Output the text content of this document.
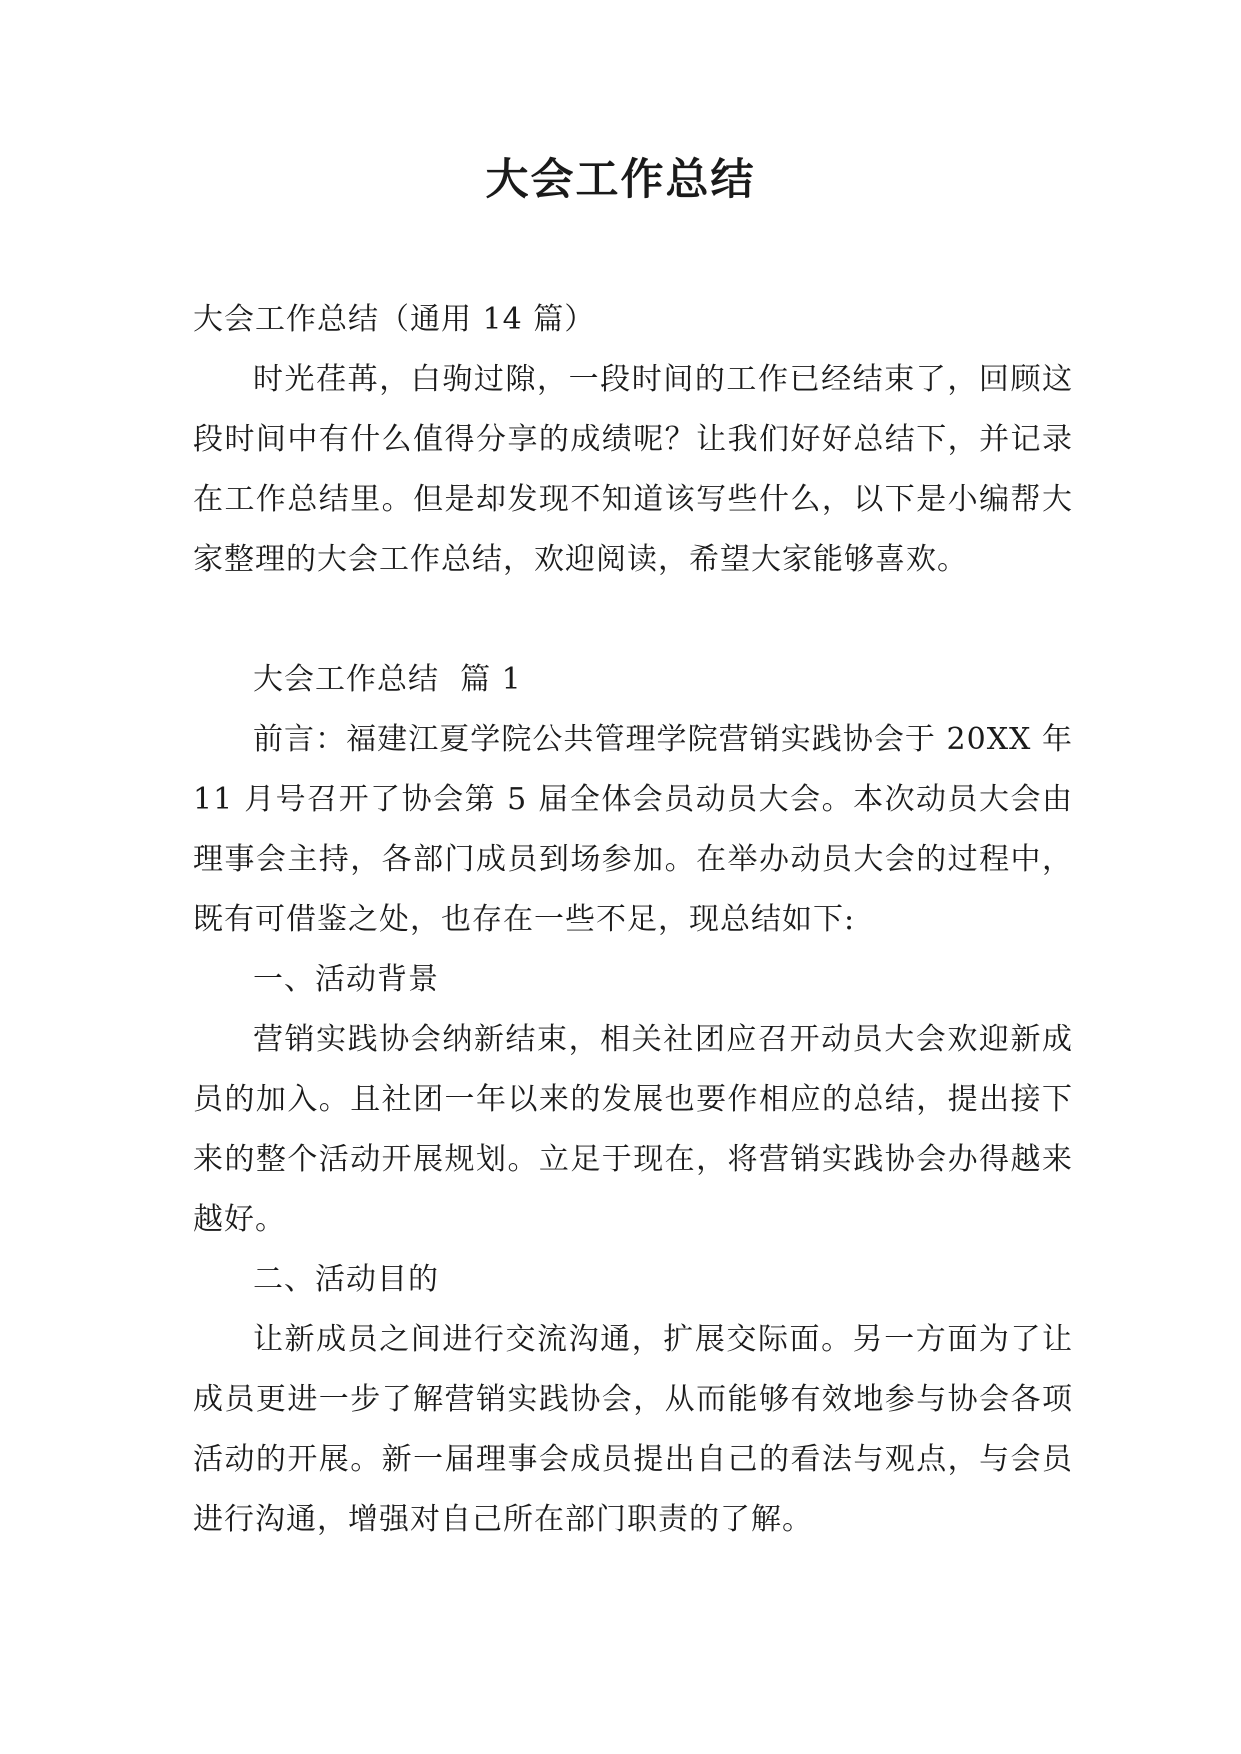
大会工作总结

大会工作总结（通用 14 篇）

时光荏苒，白驹过隙，一段时间的工作已经结束了，回顾这段时间中有什么值得分享的成绩呢？让我们好好总结下，并记录在工作总结里。但是却发现不知道该写些什么，以下是小编帮大家整理的大会工作总结，欢迎阅读，希望大家能够喜欢。

大会工作总结  篇 1

前言：福建江夏学院公共管理学院营销实践协会于 20XX 年 11 月号召开了协会第 5 届全体会员动员大会。本次动员大会由理事会主持，各部门成员到场参加。在举办动员大会的过程中，既有可借鉴之处，也存在一些不足，现总结如下:

一、活动背景

营销实践协会纳新结束，相关社团应召开动员大会欢迎新成员的加入。且社团一年以来的发展也要作相应的总结，提出接下来的整个活动开展规划。立足于现在，将营销实践协会办得越来越好。

二、活动目的

让新成员之间进行交流沟通，扩展交际面。另一方面为了让成员更进一步了解营销实践协会，从而能够有效地参与协会各项活动的开展。新一届理事会成员提出自己的看法与观点，与会员进行沟通，增强对自己所在部门职责的了解。
